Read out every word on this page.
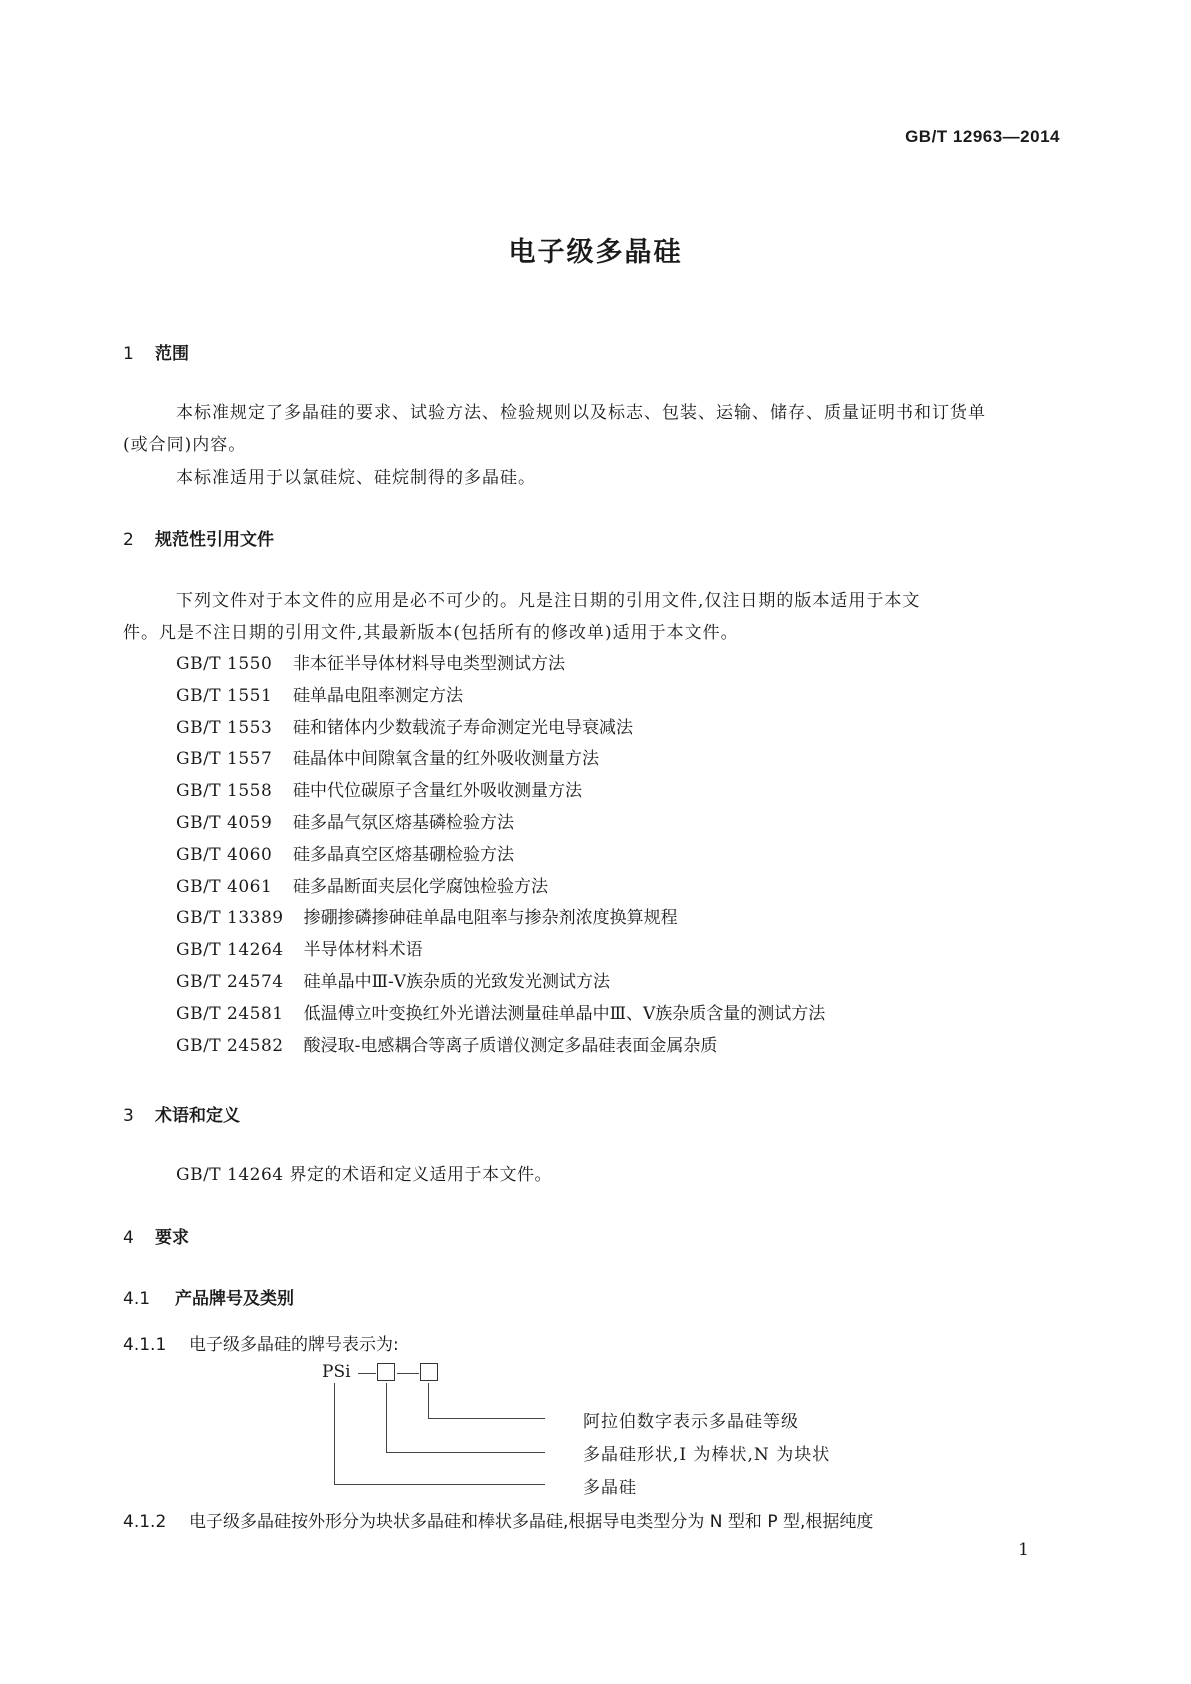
GB/T 12963—2014
电子级多晶硅
1 范围
本标准规定了多晶硅的要求、试验方法、检验规则以及标志、包装、运输、储存、质量证明书和订货单
(或合同)内容。
本标准适用于以氯硅烷、硅烷制得的多晶硅。
2 规范性引用文件
下列文件对于本文件的应用是必不可少的。凡是注日期的引用文件,仅注日期的版本适用于本文
件。凡是不注日期的引用文件,其最新版本(包括所有的修改单)适用于本文件。
GB/T 1550 非本征半导体材料导电类型测试方法
GB/T 1551 硅单晶电阻率测定方法
GB/T 1553 硅和锗体内少数载流子寿命测定光电导衰减法
GB/T 1557 硅晶体中间隙氧含量的红外吸收测量方法
GB/T 1558 硅中代位碳原子含量红外吸收测量方法
GB/T 4059 硅多晶气氛区熔基磷检验方法
GB/T 4060 硅多晶真空区熔基硼检验方法
GB/T 4061 硅多晶断面夹层化学腐蚀检验方法
GB/T 13389 掺硼掺磷掺砷硅单晶电阻率与掺杂剂浓度换算规程
GB/T 14264 半导体材料术语
GB/T 24574 硅单晶中Ⅲ-Ⅴ族杂质的光致发光测试方法
GB/T 24581 低温傅立叶变换红外光谱法测量硅单晶中Ⅲ、Ⅴ族杂质含量的测试方法
GB/T 24582 酸浸取-电感耦合等离子质谱仪测定多晶硅表面金属杂质
3 术语和定义
GB/T 14264 界定的术语和定义适用于本文件。
4 要求
4.1 产品牌号及类别
4.1.1 电子级多晶硅的牌号表示为:
PSi
阿拉伯数字表示多晶硅等级
多晶硅形状,I 为棒状,N 为块状
多晶硅
4.1.2 电子级多晶硅按外形分为块状多晶硅和棒状多晶硅,根据导电类型分为 N 型和 P 型,根据纯度
1
